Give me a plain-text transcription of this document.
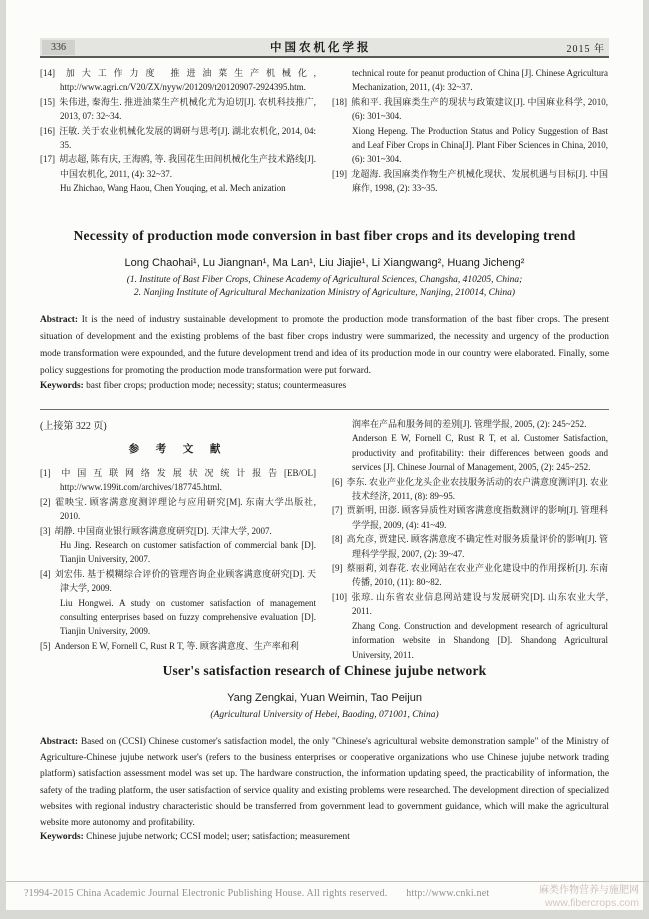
336	中国农机化学报	2015 年
[14] 加大工作力度 推进油菜生产机械化, http://www.agri.cn/V20/ZX/nyyw/201209/t20120907-2924395.htm.
[15] 朱伟进, 秦海生. 推进油菜生产机械化尤为迫切[J]. 农机科技推广, 2013, 07: 32~34.
[16] 汪敏. 关于农业机械化发展的调研与思考[J]. 湖北农机化, 2014, 04: 35.
[17] 胡志超, 陈有庆, 王海鸥, 等. 我国花生田间机械化生产技术路线[J]. 中国农机化, 2011, (4): 32~37.
Hu Zhichao, Wang Haou, Chen Youqing, et al. Mech anization
technical route for peanut production of China [J]. Chinese Agricultura Mechanization, 2011, (4): 32~37.
[18] 熊和平. 我国麻类生产的现状与政策建议[J]. 中国麻业科学, 2010, (6): 301~304.
Xiong Hepeng. The Production Status and Policy Suggestion of Bast and Leaf Fiber Crops in China[J]. Plant Fiber Sciences in China, 2010, (6): 301~304.
[19] 龙超海. 我国麻类作物生产机械化现状、发展机遇与目标[J]. 中国麻作, 1998, (2): 33~35.
Necessity of production mode conversion in bast fiber crops and its developing trend
Long Chaohai¹, Lu Jiangnan¹, Ma Lan¹, Liu Jiajie¹, Li Xiangwang², Huang Jicheng²
(1. Institute of Bast Fiber Crops, Chinese Academy of Agricultural Sciences, Changsha, 410205, China;
2. Nanjing Institute of Agricultural Mechanization Ministry of Agriculture, Nanjing, 210014, China)
Abstract: It is the need of industry sustainable development to promote the production mode transformation of the bast fiber crops. The present situation of development and the existing problems of the bast fiber crops industry were summarized, the necessity and urgency of the production mode transformation were expounded, and the future development trend and idea of its production mode in our country were elaborated. Finally, some policy suggestions for promoting the production mode transformation were put forward.
Keywords: bast fiber crops; production mode; necessity; status; countermeasures
(上接第 322 页)
参 考 文 献
[1] 中国互联网络发展状况统计报告[EB/OL] http://www.199it.com/archives/187745.html.
[2] 霍映宝. 顾客满意度测评理论与应用研究[M]. 东南大学出版社, 2010.
[3] 胡静. 中国商业银行顾客满意度研究[D]. 天津大学, 2007.
Hu Jing. Research on customer satisfaction of commercial bank [D]. Tianjin University, 2007.
[4] 刘宏伟. 基于模糊综合评价的管理咨询企业顾客满意度研究[D]. 天津大学, 2009.
Liu Hongwei. A study on customer satisfaction of management consulting enterprises based on fuzzy comprehensive evaluation [D]. Tianjin University, 2009.
[5] Anderson E W, Fornell C, Rust R T, 等. 顾客满意度、生产率和利
润率在产品和服务间的差别[J]. 管理学报, 2005, (2): 245~252.
Anderson E W, Fornell C, Rust R T, et al. Customer Satisfaction, productivity and profitability: their differences between goods and services [J]. Chinese Journal of Management, 2005, (2): 245~252.
[6] 李东. 农业产业化龙头企业农技服务活动的农户满意度测评[J]. 农业技术经济, 2011, (8): 89~95.
[7] 贾新明, 田澎. 顾客异质性对顾客满意度指数测评的影响[J]. 管理科学学报, 2009, (4): 41~49.
[8] 高允彦, 贾建民. 顾客满意度不确定性对服务质量评价的影响[J]. 管理科学学报, 2007, (2): 39~47.
[9] 蔡丽莉, 刘春花. 农业网站在农业产业化建设中的作用探析[J]. 东南传播, 2010, (11): 80~82.
[10] 张琼. 山东省农业信息网站建设与发展研究[D]. 山东农业大学, 2011.
Zhang Cong. Construction and development research of agricultural information website in Shandong [D]. Shandong Agricultural University, 2011.
User's satisfaction research of Chinese jujube network
Yang Zengkai, Yuan Weimin, Tao Peijun
(Agricultural University of Hebei, Baoding, 071001, China)
Abstract: Based on (CCSI) Chinese customer's satisfaction model, the only "Chinese's agricultural website demonstration sample" of the Ministry of Agriculture-Chinese jujube network user's (refers to the business enterprises or cooperative organizations who use Chinese jujube network trading platform) satisfaction assessment model was set up. The hardware construction, the information updating speed, the practicability of information, the safety of the trading platform, the user satisfaction of service quality and existing problems were researched. The development direction of specialized websites with regional industry characteristic should be transferred from government lead to government guidance, which will make the agricultural website more autonomy and profitability.
Keywords: Chinese jujube network; CCSI model; user; satisfaction; measurement
?1994-2015 China Academic Journal Electronic Publishing House. All rights reserved. http://www.cnki.net	麻类作物营养与施肥网
www.fibercrops.com
